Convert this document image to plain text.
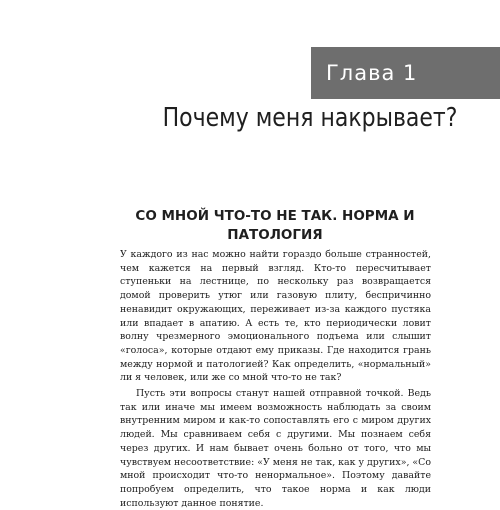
Глава 1
Почему меня накрывает?
СО МНОЙ ЧТО-ТО НЕ ТАК. НОРМА И ПАТОЛОГИЯ

У каждого из нас можно найти гораздо больше странностей, чем кажется на первый взгляд. Кто-то пересчитывает ступеньки на лестнице, по нескольку раз возвращается домой проверить утюг или газовую плиту, беспричинно ненавидит окружающих, переживает из-за каждого пустяка или впадает в апатию. А есть те, кто периодически ловит волну чрезмерного эмоционального подъема или слышит «голоса», которые отдают ему приказы. Где находится грань между нормой и патологией? Как определить, «нормальный» ли я человек, или же со мной что-то не так?

Пусть эти вопросы станут нашей отправной точкой. Ведь так или иначе мы имеем возможность наблюдать за своим внутренним миром и как-то сопоставлять его с миром других людей. Мы сравниваем себя с другими. Мы познаем себя через других. И нам бывает очень больно от того, что мы чувствуем несоответствие: «У меня не так, как у других», «Со мной происходит что-то ненормальное». Поэтому давайте попробуем определить, что такое норма и как люди используют данное понятие.
